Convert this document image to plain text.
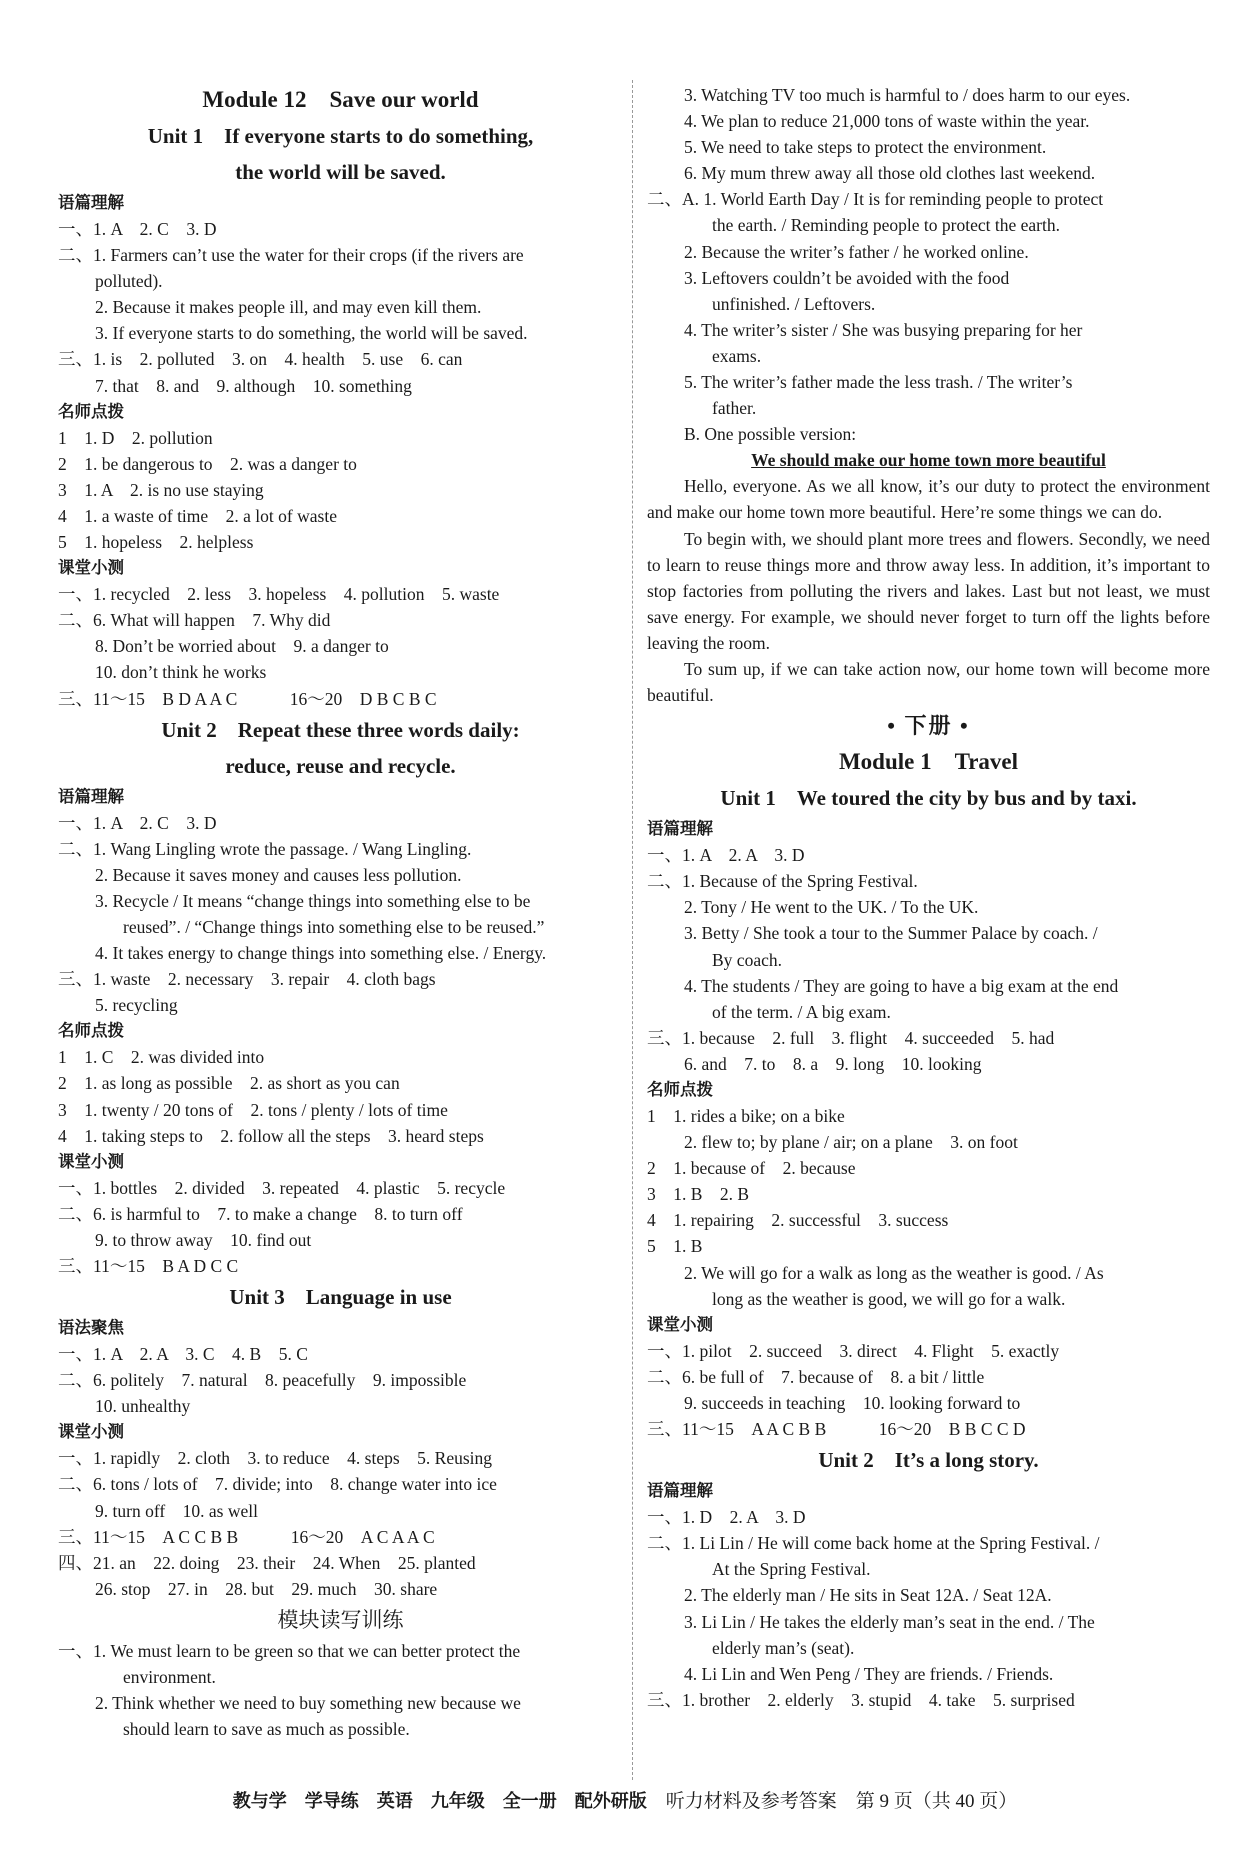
Module 12　Save our world
Unit 1　If everyone starts to do something,
the world will be saved.
语篇理解
一、1. A　2. C　3. D
二、1. Farmers can’t use the water for their crops (if the rivers are
polluted).
2. Because it makes people ill, and may even kill them.
3. If everyone starts to do something, the world will be saved.
三、1. is　2. polluted　3. on　4. health　5. use　6. can
7. that　8. and　9. although　10. something
名师点拨
1　1. D　2. pollution
2　1. be dangerous to　2. was a danger to
3　1. A　2. is no use staying
4　1. a waste of time　2. a lot of waste
5　1. hopeless　2. helpless
课堂小测
一、1. recycled　2. less　3. hopeless　4. pollution　5. waste
二、6. What will happen　7. Why did
8. Don’t be worried about　9. a danger to
10. don’t think he works
三、11～15　B D A A C　　　16～20　D B C B C
Unit 2　Repeat these three words daily:
reduce, reuse and recycle.
语篇理解
一、1. A　2. C　3. D
二、1. Wang Lingling wrote the passage. / Wang Lingling.
2. Because it saves money and causes less pollution.
3. Recycle / It means “change things into something else to be
reused”. / “Change things into something else to be reused.”
4. It takes energy to change things into something else. / Energy.
三、1. waste　2. necessary　3. repair　4. cloth bags
5. recycling
名师点拨
1　1. C　2. was divided into
2　1. as long as possible　2. as short as you can
3　1. twenty / 20 tons of　2. tons / plenty / lots of time
4　1. taking steps to　2. follow all the steps　3. heard steps
课堂小测
一、1. bottles　2. divided　3. repeated　4. plastic　5. recycle
二、6. is harmful to　7. to make a change　8. to turn off
9. to throw away　10. find out
三、11～15　B A D C C
Unit 3　Language in use
语法聚焦
一、1. A　2. A　3. C　4. B　5. C
二、6. politely　7. natural　8. peacefully　9. impossible
10. unhealthy
课堂小测
一、1. rapidly　2. cloth　3. to reduce　4. steps　5. Reusing
二、6. tons / lots of　7. divide; into　8. change water into ice
9. turn off　10. as well
三、11～15　A C C B B　　　16～20　A C A A C
四、21. an　22. doing　23. their　24. When　25. planted
26. stop　27. in　28. but　29. much　30. share
模块读写训练
一、1. We must learn to be green so that we can better protect the
environment.
2. Think whether we need to buy something new because we
should learn to save as much as possible.
3. Watching TV too much is harmful to / does harm to our eyes.
4. We plan to reduce 21,000 tons of waste within the year.
5. We need to take steps to protect the environment.
6. My mum threw away all those old clothes last weekend.
二、A. 1. World Earth Day / It is for reminding people to protect
the earth. / Reminding people to protect the earth.
2. Because the writer’s father / he worked online.
3. Leftovers couldn’t be avoided with the food
unfinished. / Leftovers.
4. The writer’s sister / She was busying preparing for her
exams.
5. The writer’s father made the less trash. / The writer’s
father.
B. One possible version:
We should make our home town more beautiful
Hello, everyone. As we all know, it’s our duty to protect the environment and make our home town more beautiful. Here’re some things we can do.
To begin with, we should plant more trees and flowers. Secondly, we need to learn to reuse things more and throw away less. In addition, it’s important to stop factories from polluting the rivers and lakes. Last but not least, we must save energy. For example, we should never forget to turn off the lights before leaving the room.
To sum up, if we can take action now, our home town will become more beautiful.
• 下册 •
Module 1　Travel
Unit 1　We toured the city by bus and by taxi.
语篇理解
一、1. A　2. A　3. D
二、1. Because of the Spring Festival.
2. Tony / He went to the UK. / To the UK.
3. Betty / She took a tour to the Summer Palace by coach. /
By coach.
4. The students / They are going to have a big exam at the end
of the term. / A big exam.
三、1. because　2. full　3. flight　4. succeeded　5. had
6. and　7. to　8. a　9. long　10. looking
名师点拨
1　1. rides a bike; on a bike
2. flew to; by plane / air; on a plane　3. on foot
2　1. because of　2. because
3　1. B　2. B
4　1. repairing　2. successful　3. success
5　1. B
2. We will go for a walk as long as the weather is good. / As
long as the weather is good, we will go for a walk.
课堂小测
一、1. pilot　2. succeed　3. direct　4. Flight　5. exactly
二、6. be full of　7. because of　8. a bit / little
9. succeeds in teaching　10. looking forward to
三、11～15　A A C B B　　　16～20　B B C C D
Unit 2　It’s a long story.
语篇理解
一、1. D　2. A　3. D
二、1. Li Lin / He will come back home at the Spring Festival. /
At the Spring Festival.
2. The elderly man / He sits in Seat 12A. / Seat 12A.
3. Li Lin / He takes the elderly man’s seat in the end. / The
elderly man’s (seat).
4. Li Lin and Wen Peng / They are friends. / Friends.
三、1. brother　2. elderly　3. stupid　4. take　5. surprised
教与学　学导练　英语　九年级　全一册　配外研版　听力材料及参考答案　第 9 页（共 40 页）
